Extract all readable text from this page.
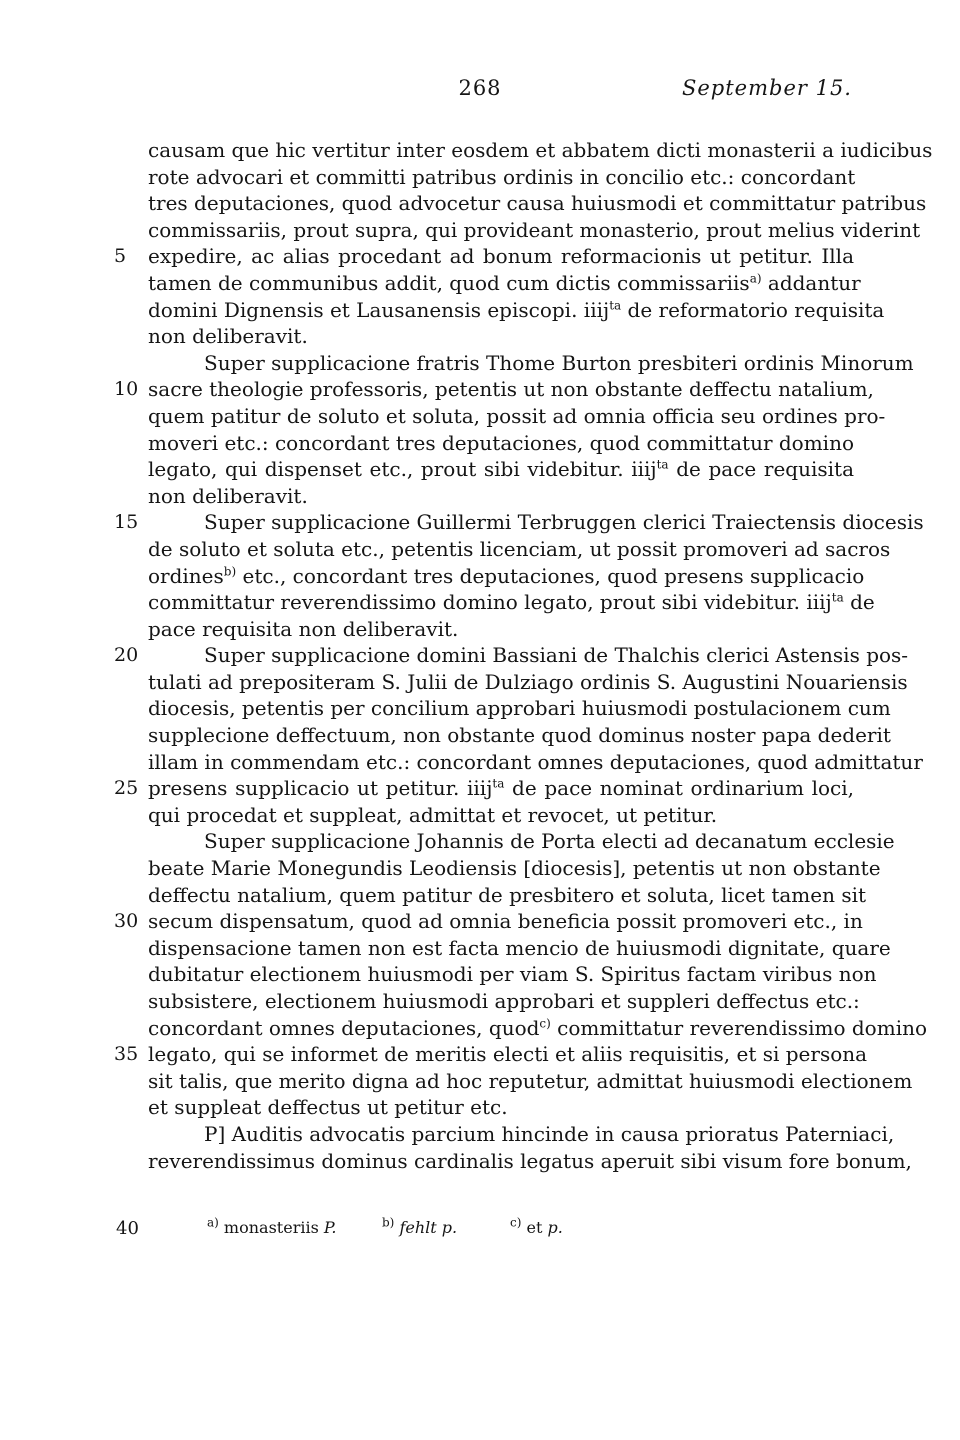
268	September 15.
causam que hic vertitur inter eosdem et abbatem dicti monasterii a iudicibus
rote advocari et committi patribus ordinis in concilio etc.: concordant
tres deputaciones, quod advocetur causa huiusmodi et committatur patribus
commissariis, prout supra, qui provideant monasterio, prout melius viderint
5 expedire, ac alias procedant ad bonum reformacionis ut petitur. Illa
tamen de communibus addit, quod cum dictis commissariis$^{a)}$ addantur
domini Dignensis et Lausanensis episcopi. iiij$^{ta}$ de reformatorio requisita
non deliberavit.
Super supplicacione fratris Thome Burton presbiteri ordinis Minorum
10 sacre theologie professoris, petentis ut non obstante deffectu natalium,
quem patitur de soluto et soluta, possit ad omnia officia seu ordines pro-
moveri etc.: concordant tres deputaciones, quod committatur domino
legato, qui dispenset etc., prout sibi videbitur. iiij$^{ta}$ de pace requisita
non deliberavit.
15	Super supplicacione Guillermi Terbruggen clerici Traiectensis diocesis
de soluto et soluta etc., petentis licenciam, ut possit promoveri ad sacros
ordines$^{b)}$ etc., concordant tres deputaciones, quod presens supplicacio
committatur reverendissimo domino legato, prout sibi videbitur. iiij$^{ta}$ de
pace requisita non deliberavit.
20	Super supplicacione domini Bassiani de Thalchis clerici Astensis pos-
tulati ad prepositeram S. Julii de Dulziago ordinis S. Augustini Nouariensis
diocesis, petentis per concilium approbari huiusmodi postulacionem cum
supplecione deffectuum, non obstante quod dominus noster papa dederit
illam in commendam etc.: concordant omnes deputaciones, quod admittatur
25 presens supplicacio ut petitur. iiij$^{ta}$ de pace nominat ordinarium loci,
qui procedat et suppleat, admittat et revocet, ut petitur.
Super supplicacione Johannis de Porta electi ad decanatum ecclesie
beate Marie Monegundis Leodiensis [diocesis], petentis ut non obstante
deffectu natalium, quem patitur de presbitero et soluta, licet tamen sit
30 secum dispensatum, quod ad omnia beneficia possit promoveri etc., in
dispensacione tamen non est facta mencio de huiusmodi dignitate, quare
dubitatur electionem huiusmodi per viam S. Spiritus factam viribus non
subsistere, electionem huiusmodi approbari et suppleri deffectus etc.:
concordant omnes deputaciones, quod$^{c)}$ committatur reverendissimo domino
35 legato, qui se informet de meritis electi et aliis requisitis, et si persona
sit talis, que merito digna ad hoc reputetur, admittat huiusmodi electionem
et suppleat deffectus ut petitur etc.
P] Auditis advocatis parcium hincinde in causa prioratus Paterniaci,
reverendissimus dominus cardinalis legatus aperuit sibi visum fore bonum,
40	$^{a)}$ monasteriis P.	$^{b)}$ fehlt p.	$^{c)}$ et p.
